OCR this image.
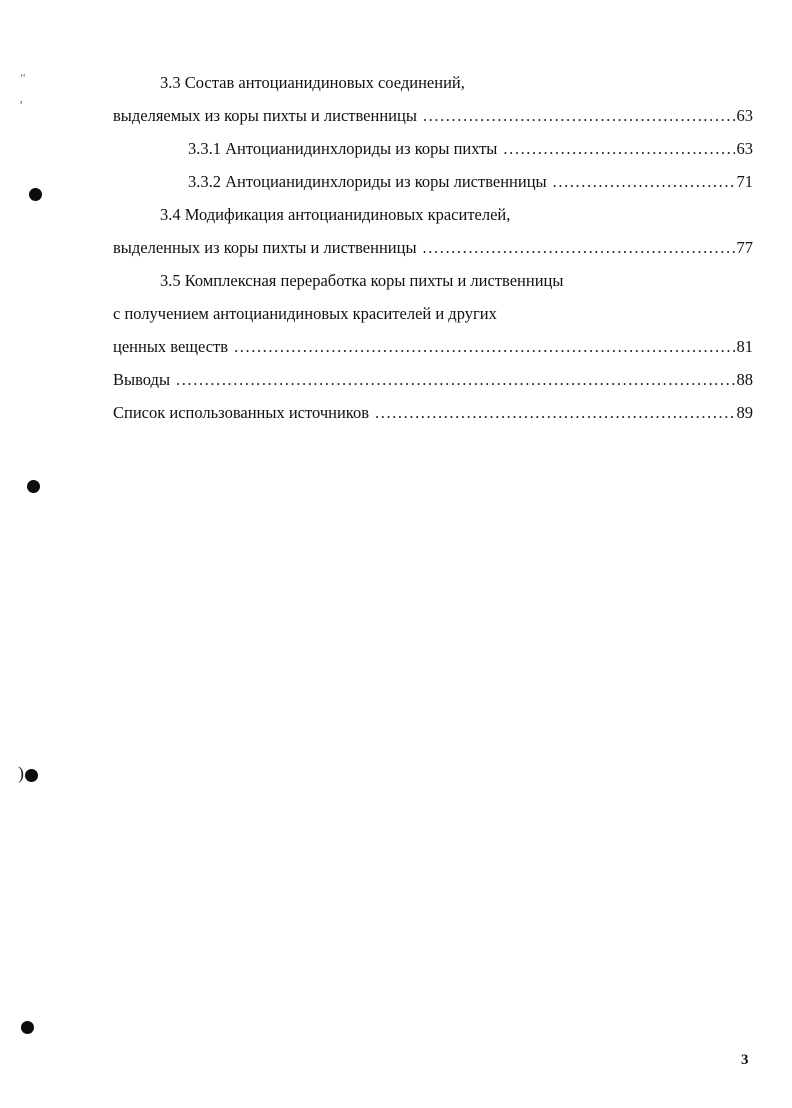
‘‘
ʹ
)
3.3 Состав антоцианидиновых соединений,
выделяемых из коры пихты и лиственницы .....	63
3.3.1 Антоцианидинхлориды из коры пихты .....	63
3.3.2 Антоцианидинхлориды из коры лиственницы .....	71
3.4 Модификация антоцианидиновых красителей,
выделенных из коры пихты и лиственницы .....	77
3.5 Комплексная переработка коры пихты и лиственницы
с получением антоцианидиновых красителей и других
ценных веществ .....	81
Выводы .....	88
Список использованных источников .....	89
3
